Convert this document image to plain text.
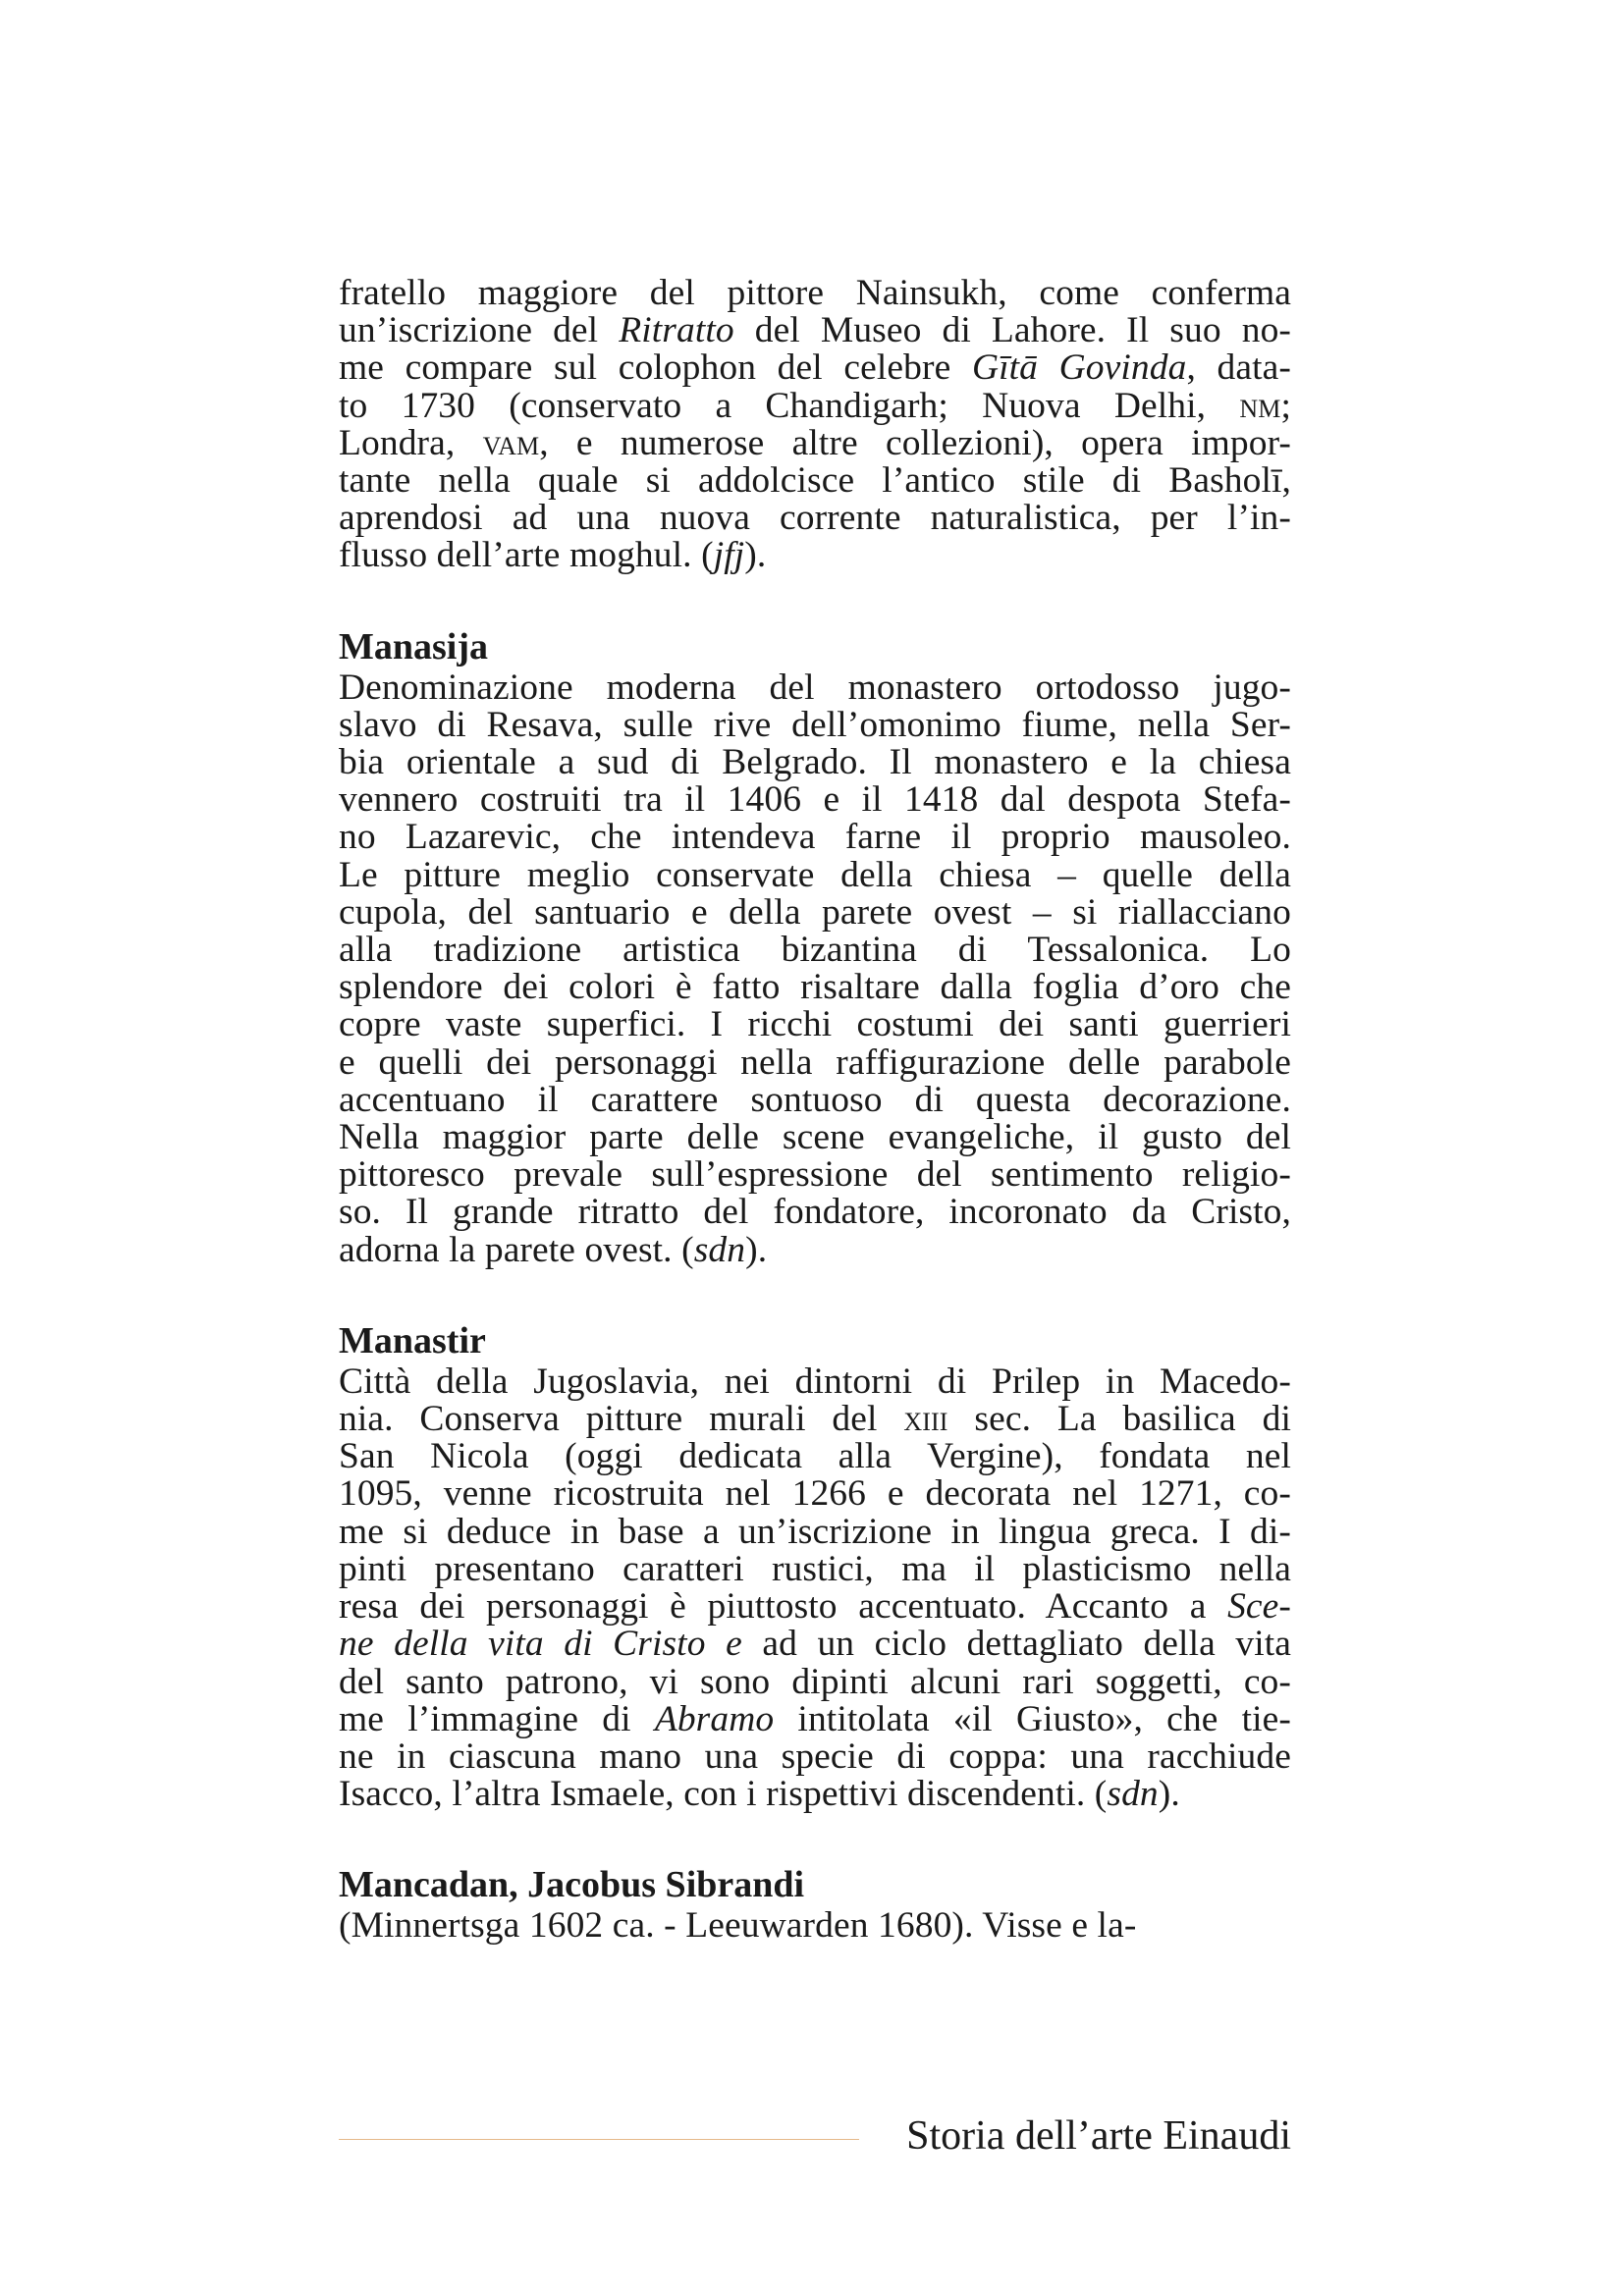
fratello maggiore del pittore Nainsukh, come conferma
un’iscrizione del Ritratto del Museo di Lahore. Il suo no-
me compare sul colophon del celebre Gītā Govinda, data-
to 1730 (conservato a Chandigarh; Nuova Delhi, nm;
Londra, vam, e numerose altre collezioni), opera impor-
tante nella quale si addolcisce l’antico stile di Basholī,
aprendosi ad una nuova corrente naturalistica, per l’in-
flusso dell’arte moghul. (jfj).
Manasija
Denominazione moderna del monastero ortodosso jugo-
slavo di Resava, sulle rive dell’omonimo fiume, nella Ser-
bia orientale a sud di Belgrado. Il monastero e la chiesa
vennero costruiti tra il 1406 e il 1418 dal despota Stefa-
no Lazarevic, che intendeva farne il proprio mausoleo.
Le pitture meglio conservate della chiesa – quelle della
cupola, del santuario e della parete ovest – si riallacciano
alla tradizione artistica bizantina di Tessalonica. Lo
splendore dei colori è fatto risaltare dalla foglia d’oro che
copre vaste superfici. I ricchi costumi dei santi guerrieri
e quelli dei personaggi nella raffigurazione delle parabole
accentuano il carattere sontuoso di questa decorazione.
Nella maggior parte delle scene evangeliche, il gusto del
pittoresco prevale sull’espressione del sentimento religio-
so. Il grande ritratto del fondatore, incoronato da Cristo,
adorna la parete ovest. (sdn).
Manastir
Città della Jugoslavia, nei dintorni di Prilep in Macedo-
nia. Conserva pitture murali del xiii sec. La basilica di
San Nicola (oggi dedicata alla Vergine), fondata nel
1095, venne ricostruita nel 1266 e decorata nel 1271, co-
me si deduce in base a un’iscrizione in lingua greca. I di-
pinti presentano caratteri rustici, ma il plasticismo nella
resa dei personaggi è piuttosto accentuato. Accanto a Sce-
ne della vita di Cristo e ad un ciclo dettagliato della vita
del santo patrono, vi sono dipinti alcuni rari soggetti, co-
me l’immagine di Abramo intitolata «il Giusto», che tie-
ne in ciascuna mano una specie di coppa: una racchiude
Isacco, l’altra Ismaele, con i rispettivi discendenti. (sdn).
Mancadan, Jacobus Sibrandi
(Minnertsga 1602 ca. - Leeuwarden 1680). Visse e la-
Storia dell’arte Einaudi
